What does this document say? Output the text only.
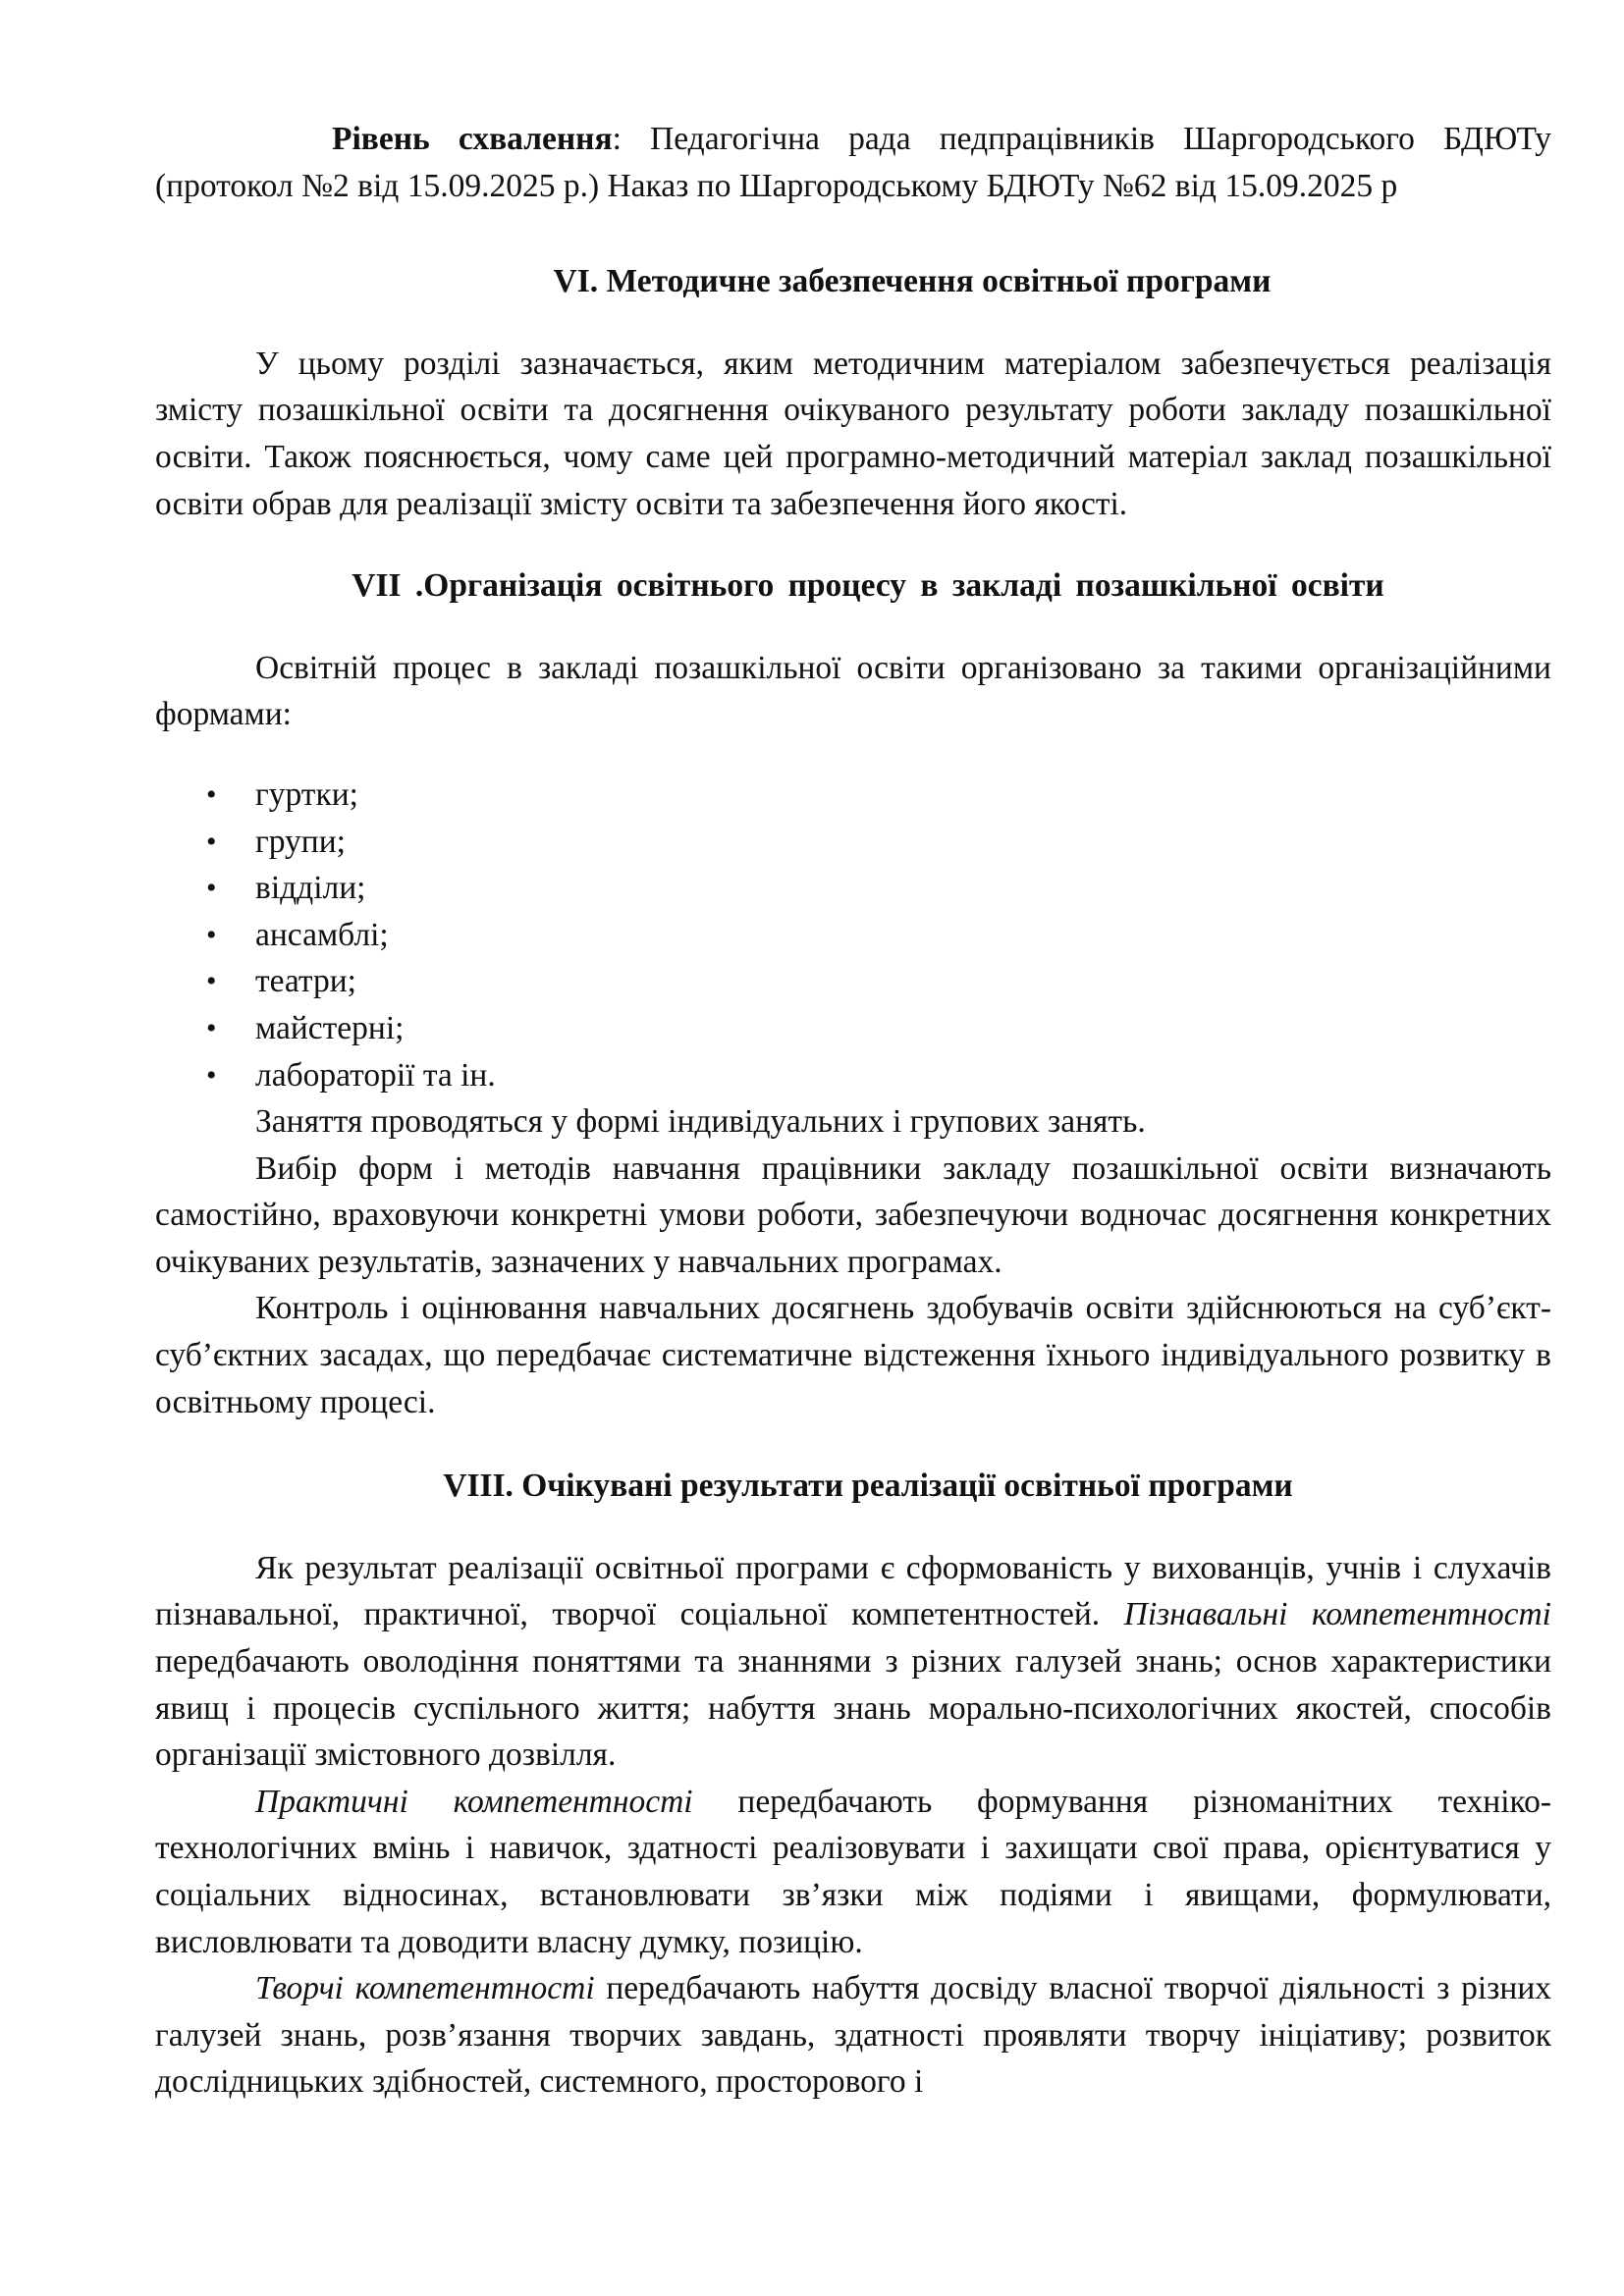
Рівень схвалення: Педагогічна рада педпрацівників Шаргородського БДЮТу (протокол №2 від 15.09.2025 р.) Наказ по Шаргородському БДЮТу №62 від 15.09.2025 р

VI. Методичне забезпечення освітньої програми

У цьому розділі зазначається, яким методичним матеріалом забезпечується реалізація змісту позашкільної освіти та досягнення очікуваного результату роботи закладу позашкільної освіти. Також пояснюється, чому саме цей програмно-методичний матеріал заклад позашкільної освіти обрав для реалізації змісту освіти та забезпечення його якості.

VII .Організація освітнього процесу в закладі позашкільної освіти

Освітній процес в закладі позашкільної освіти організовано за такими організаційними формами:

• гуртки;
• групи;
• відділи;
• ансамблі;
• театри;
• майстерні;
• лабораторії та ін.

Заняття проводяться у формі індивідуальних і групових занять.

Вибір форм і методів навчання працівники закладу позашкільної освіти визначають самостійно, враховуючи конкретні умови роботи, забезпечуючи водночас досягнення конкретних очікуваних результатів, зазначених у навчальних програмах.

Контроль і оцінювання навчальних досягнень здобувачів освіти здійснюються на суб’єкт-суб’єктних засадах, що передбачає систематичне відстеження їхнього індивідуального розвитку в освітньому процесі.

VIII. Очікувані результати реалізації освітньої програми

Як результат реалізації освітньої програми є сформованість у вихованців, учнів і слухачів пізнавальної, практичної, творчої соціальної компетентностей. Пізнавальні компетентності передбачають оволодіння поняттями та знаннями з різних галузей знань; основ характеристики явищ і процесів суспільного життя; набуття знань морально-психологічних якостей, способів організації змістовного дозвілля.

Практичні компетентності передбачають формування різноманітних техніко-технологічних вмінь і навичок, здатності реалізовувати і захищати свої права, орієнтуватися у соціальних відносинах, встановлювати зв’язки між подіями і явищами, формулювати, висловлювати та доводити власну думку, позицію.

Творчі компетентності передбачають набуття досвіду власної творчої діяльності з різних галузей знань, розв’язання творчих завдань, здатності проявляти творчу ініціативу; розвиток дослідницьких здібностей, системного, просторового і
